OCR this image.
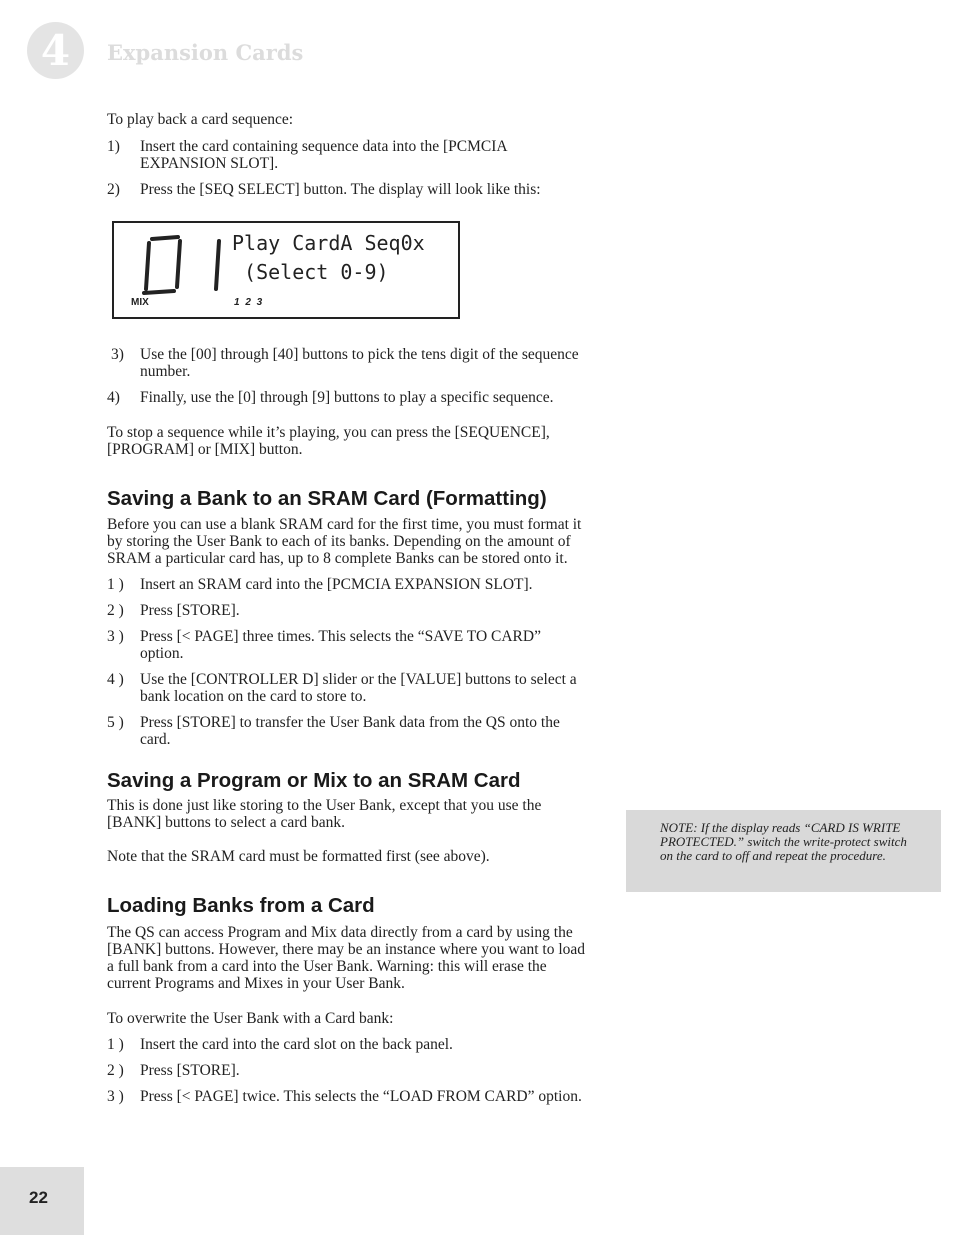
4 Expansion Cards

To play back a card sequence:

1)	Insert the card containing sequence data into the [PCMCIA EXPANSION SLOT].
2)	Press the [SEQ SELECT] button. The display will look like this:
Play CardA Seq0x
(Select 0-9)
MIX	1 2 3
3)	Use the [00] through [40] buttons to pick the tens digit of the sequence number.
4)	Finally, use the [0] through [9] buttons to play a specific sequence.

To stop a sequence while it’s playing, you can press the [SEQUENCE], [PROGRAM] or [MIX] button.

Saving a Bank to an SRAM Card (Formatting)

Before you can use a blank SRAM card for the first time, you must format it by storing the User Bank to each of its banks. Depending on the amount of SRAM a particular card has, up to 8 complete Banks can be stored onto it.

1 )	Insert an SRAM card into the [PCMCIA EXPANSION SLOT].
2 )	Press [STORE].
3 )	Press [< PAGE] three times. This selects the “SAVE TO CARD” option.
4 )	Use the [CONTROLLER D] slider or the [VALUE] buttons to select a bank location on the card to store to.
5 )	Press [STORE] to transfer the User Bank data from the QS onto the card.
Saving a Program or Mix to an SRAM Card

This is done just like storing to the User Bank, except that you use the [BANK] buttons to select a card bank.

Note that the SRAM card must be formatted first (see above).

Loading Banks from a Card

The QS can access Program and Mix data directly from a card by using the [BANK] buttons. However, there may be an instance where you want to load a full bank from a card into the User Bank. Warning: this will erase the current Programs and Mixes in your User Bank.

To overwrite the User Bank with a Card bank:

1 )	Insert the card into the card slot on the back panel.
2 )	Press [STORE].
3 )	Press [< PAGE] twice. This selects the “LOAD FROM CARD” option.

NOTE: If the display reads “CARD IS WRITE PROTECTED.” switch the write-protect switch on the card to off and repeat the procedure.

22
